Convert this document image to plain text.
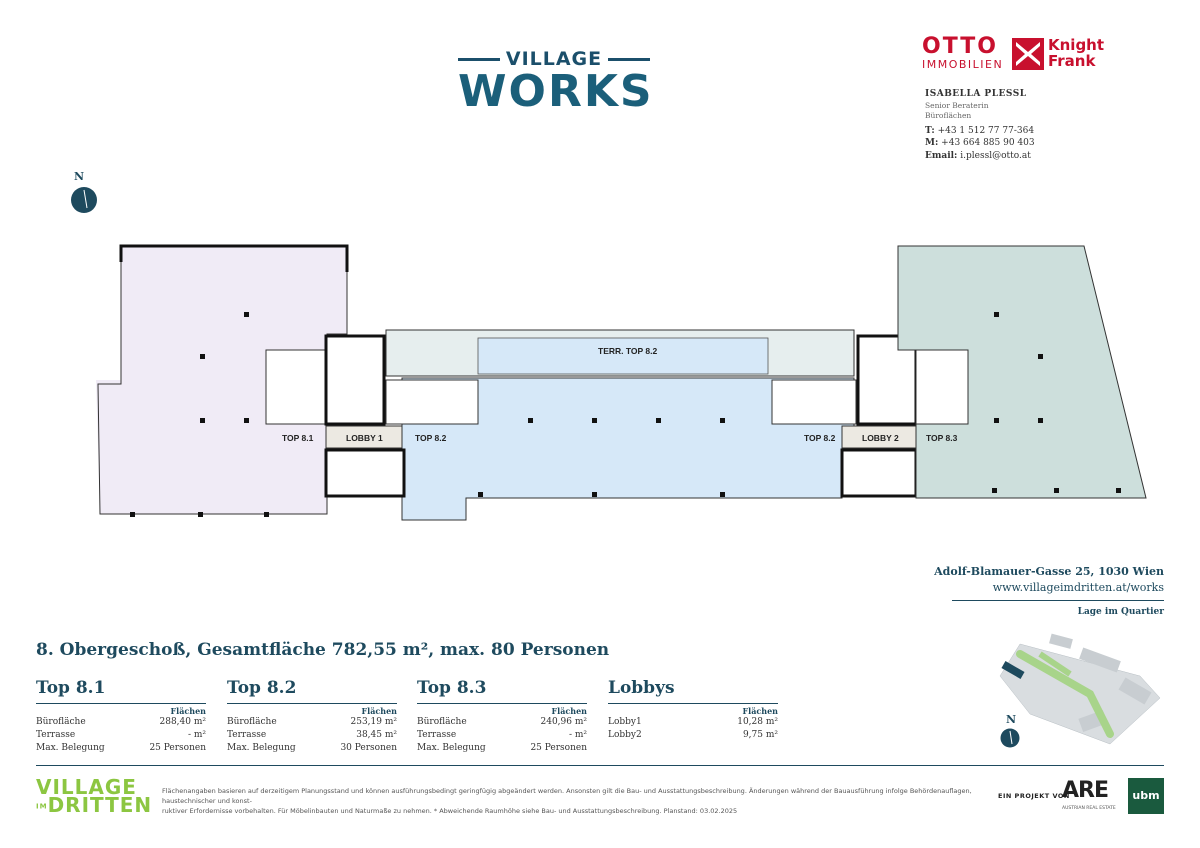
VILLAGE
WORKS
OTTO
IMMOBILIEN
Knight
Frank
ISABELLA PLESSL
Senior Beraterin
Büroflächen
T: +43 1 512 77 77-364
M: +43 664 885 90 403
Email: i.plessl@otto.at
N
TOP 8.1	LOBBY 1	TOP 8.2
TERR. TOP 8.2
TOP 8.2	LOBBY 2	TOP 8.3
Adolf-Blamauer-Gasse 25, 1030 Wien
www.villageimdritten.at/works
Lage im Quartier
N
8. Obergeschoß, Gesamtfläche 782,55 m², max. 80 Personen
Top 8.1
Flächen
Bürofläche	288,40 m²
Terrasse	- m²
Max. Belegung	25 Personen
Top 8.2
Flächen
Bürofläche	253,19 m²
Terrasse	38,45 m²
Max. Belegung	30 Personen
Top 8.3
Flächen
Bürofläche	240,96 m²
Terrasse	- m²
Max. Belegung	25 Personen
Lobbys
Flächen
Lobby1	10,28 m²
Lobby2	9,75 m²
VILLAGE
IMDRITTEN
Flächenangaben basieren auf derzeitigem Planungsstand und können ausführungsbedingt geringfügig abgeändert werden. Ansonsten gilt die Bau- und Ausstattungsbeschreibung. Änderungen während der Bauausführung infolge Behördenauflagen, haustechnischer und konst-
ruktiver Erfordernisse vorbehalten. Für Möbelinbauten und Naturmaße zu nehmen. * Abweichende Raumhöhe siehe Bau- und Ausstattungsbeschreibung. Planstand: 03.02.2025
EIN PROJEKT VON
ARE
AUSTRIAN REAL ESTATE
ubm
